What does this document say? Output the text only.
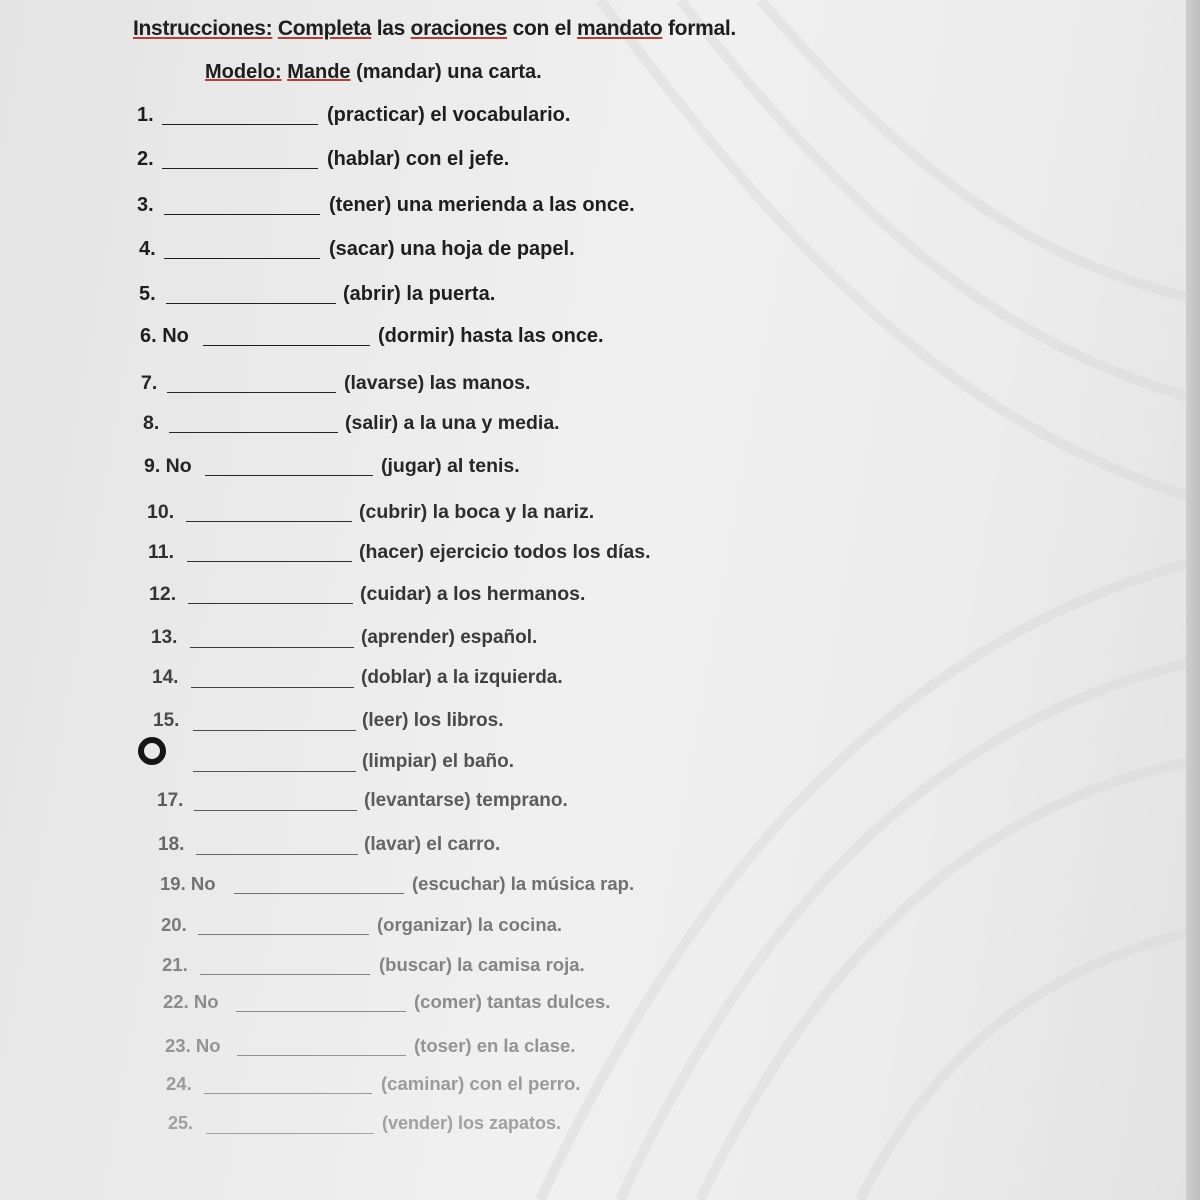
Instrucciones: Completa las oraciones con el mandato formal.
Modelo: Mande (mandar) una carta.
1.	(practicar) el vocabulario.
2.	(hablar) con el jefe.
3.	(tener) una merienda a las once.
4.	(sacar) una hoja de papel.
5.	(abrir) la puerta.
6. No	(dormir) hasta las once.
7.	(lavarse) las manos.
8.	(salir) a la una y media.
9. No	(jugar) al tenis.
10.	(cubrir) la boca y la nariz.
11.	(hacer) ejercicio todos los días.
12.	(cuidar) a los hermanos.
13.	(aprender) español.
14.	(doblar) a la izquierda.
15.	(leer) los libros.
(limpiar) el baño.
17.	(levantarse) temprano.
18.	(lavar) el carro.
19. No	(escuchar) la música rap.
20.	(organizar) la cocina.
21.	(buscar) la camisa roja.
22. No	(comer) tantas dulces.
23. No	(toser) en la clase.
24.	(caminar) con el perro.
25.	(vender) los zapatos.
